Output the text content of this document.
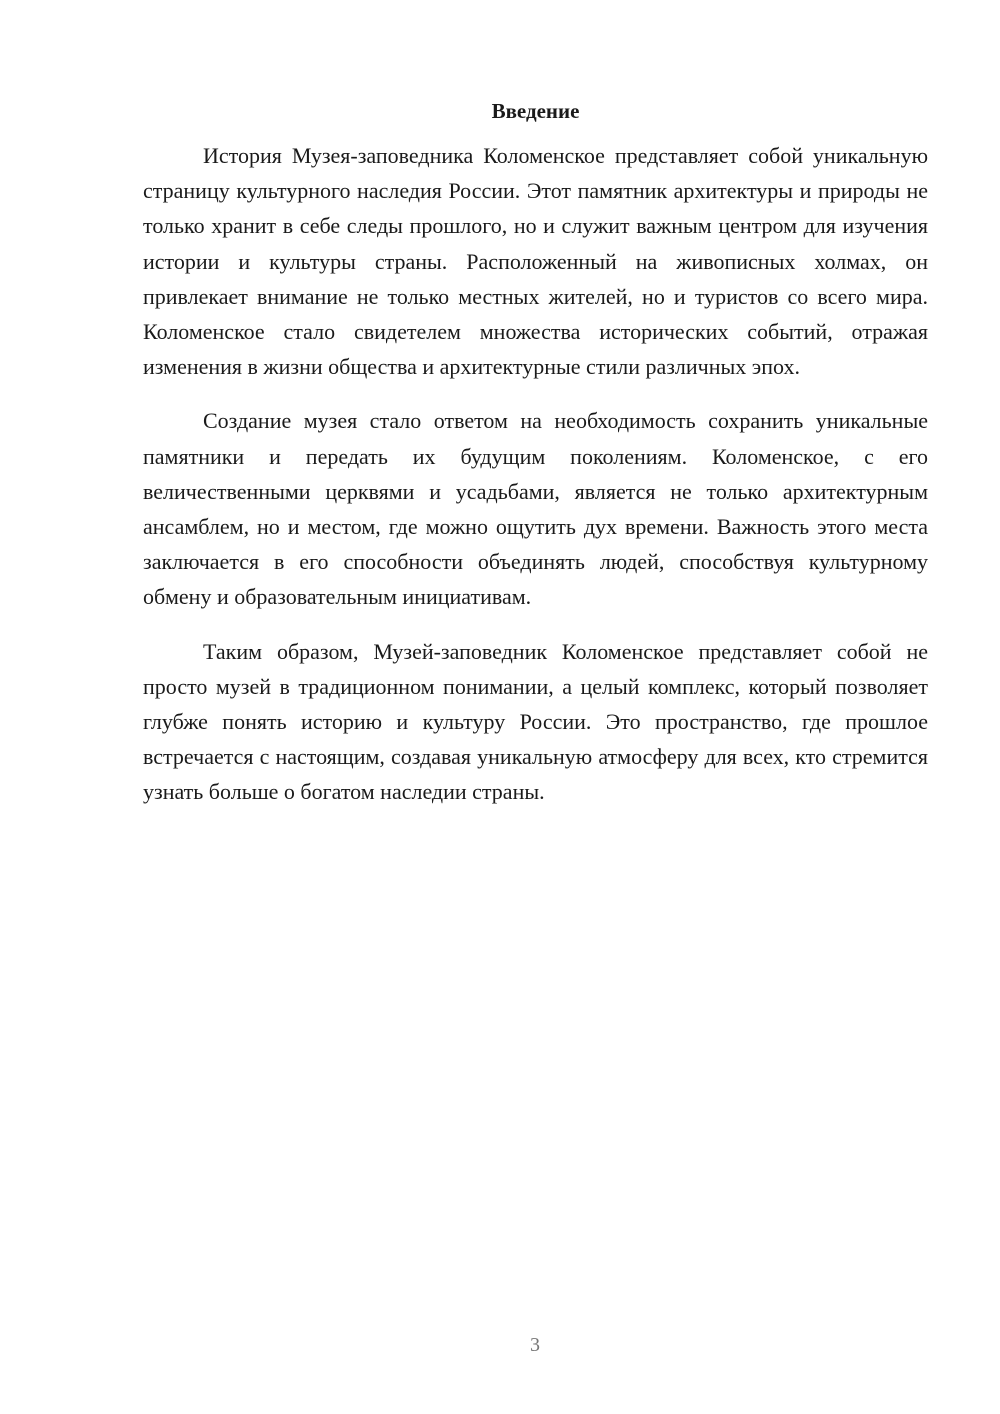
Введение

История Музея-заповедника Коломенское представляет собой уникальную страницу культурного наследия России. Этот памятник архитектуры и природы не только хранит в себе следы прошлого, но и служит важным центром для изучения истории и культуры страны. Расположенный на живописных холмах, он привлекает внимание не только местных жителей, но и туристов со всего мира. Коломенское стало свидетелем множества исторических событий, отражая изменения в жизни общества и архитектурные стили различных эпох.

Создание музея стало ответом на необходимость сохранить уникальные памятники и передать их будущим поколениям. Коломенское, с его величественными церквями и усадьбами, является не только архитектурным ансамблем, но и местом, где можно ощутить дух времени. Важность этого места заключается в его способности объединять людей, способствуя культурному обмену и образовательным инициативам.

Таким образом, Музей-заповедник Коломенское представляет собой не просто музей в традиционном понимании, а целый комплекс, который позволяет глубже понять историю и культуру России. Это пространство, где прошлое встречается с настоящим, создавая уникальную атмосферу для всех, кто стремится узнать больше о богатом наследии страны.

3
